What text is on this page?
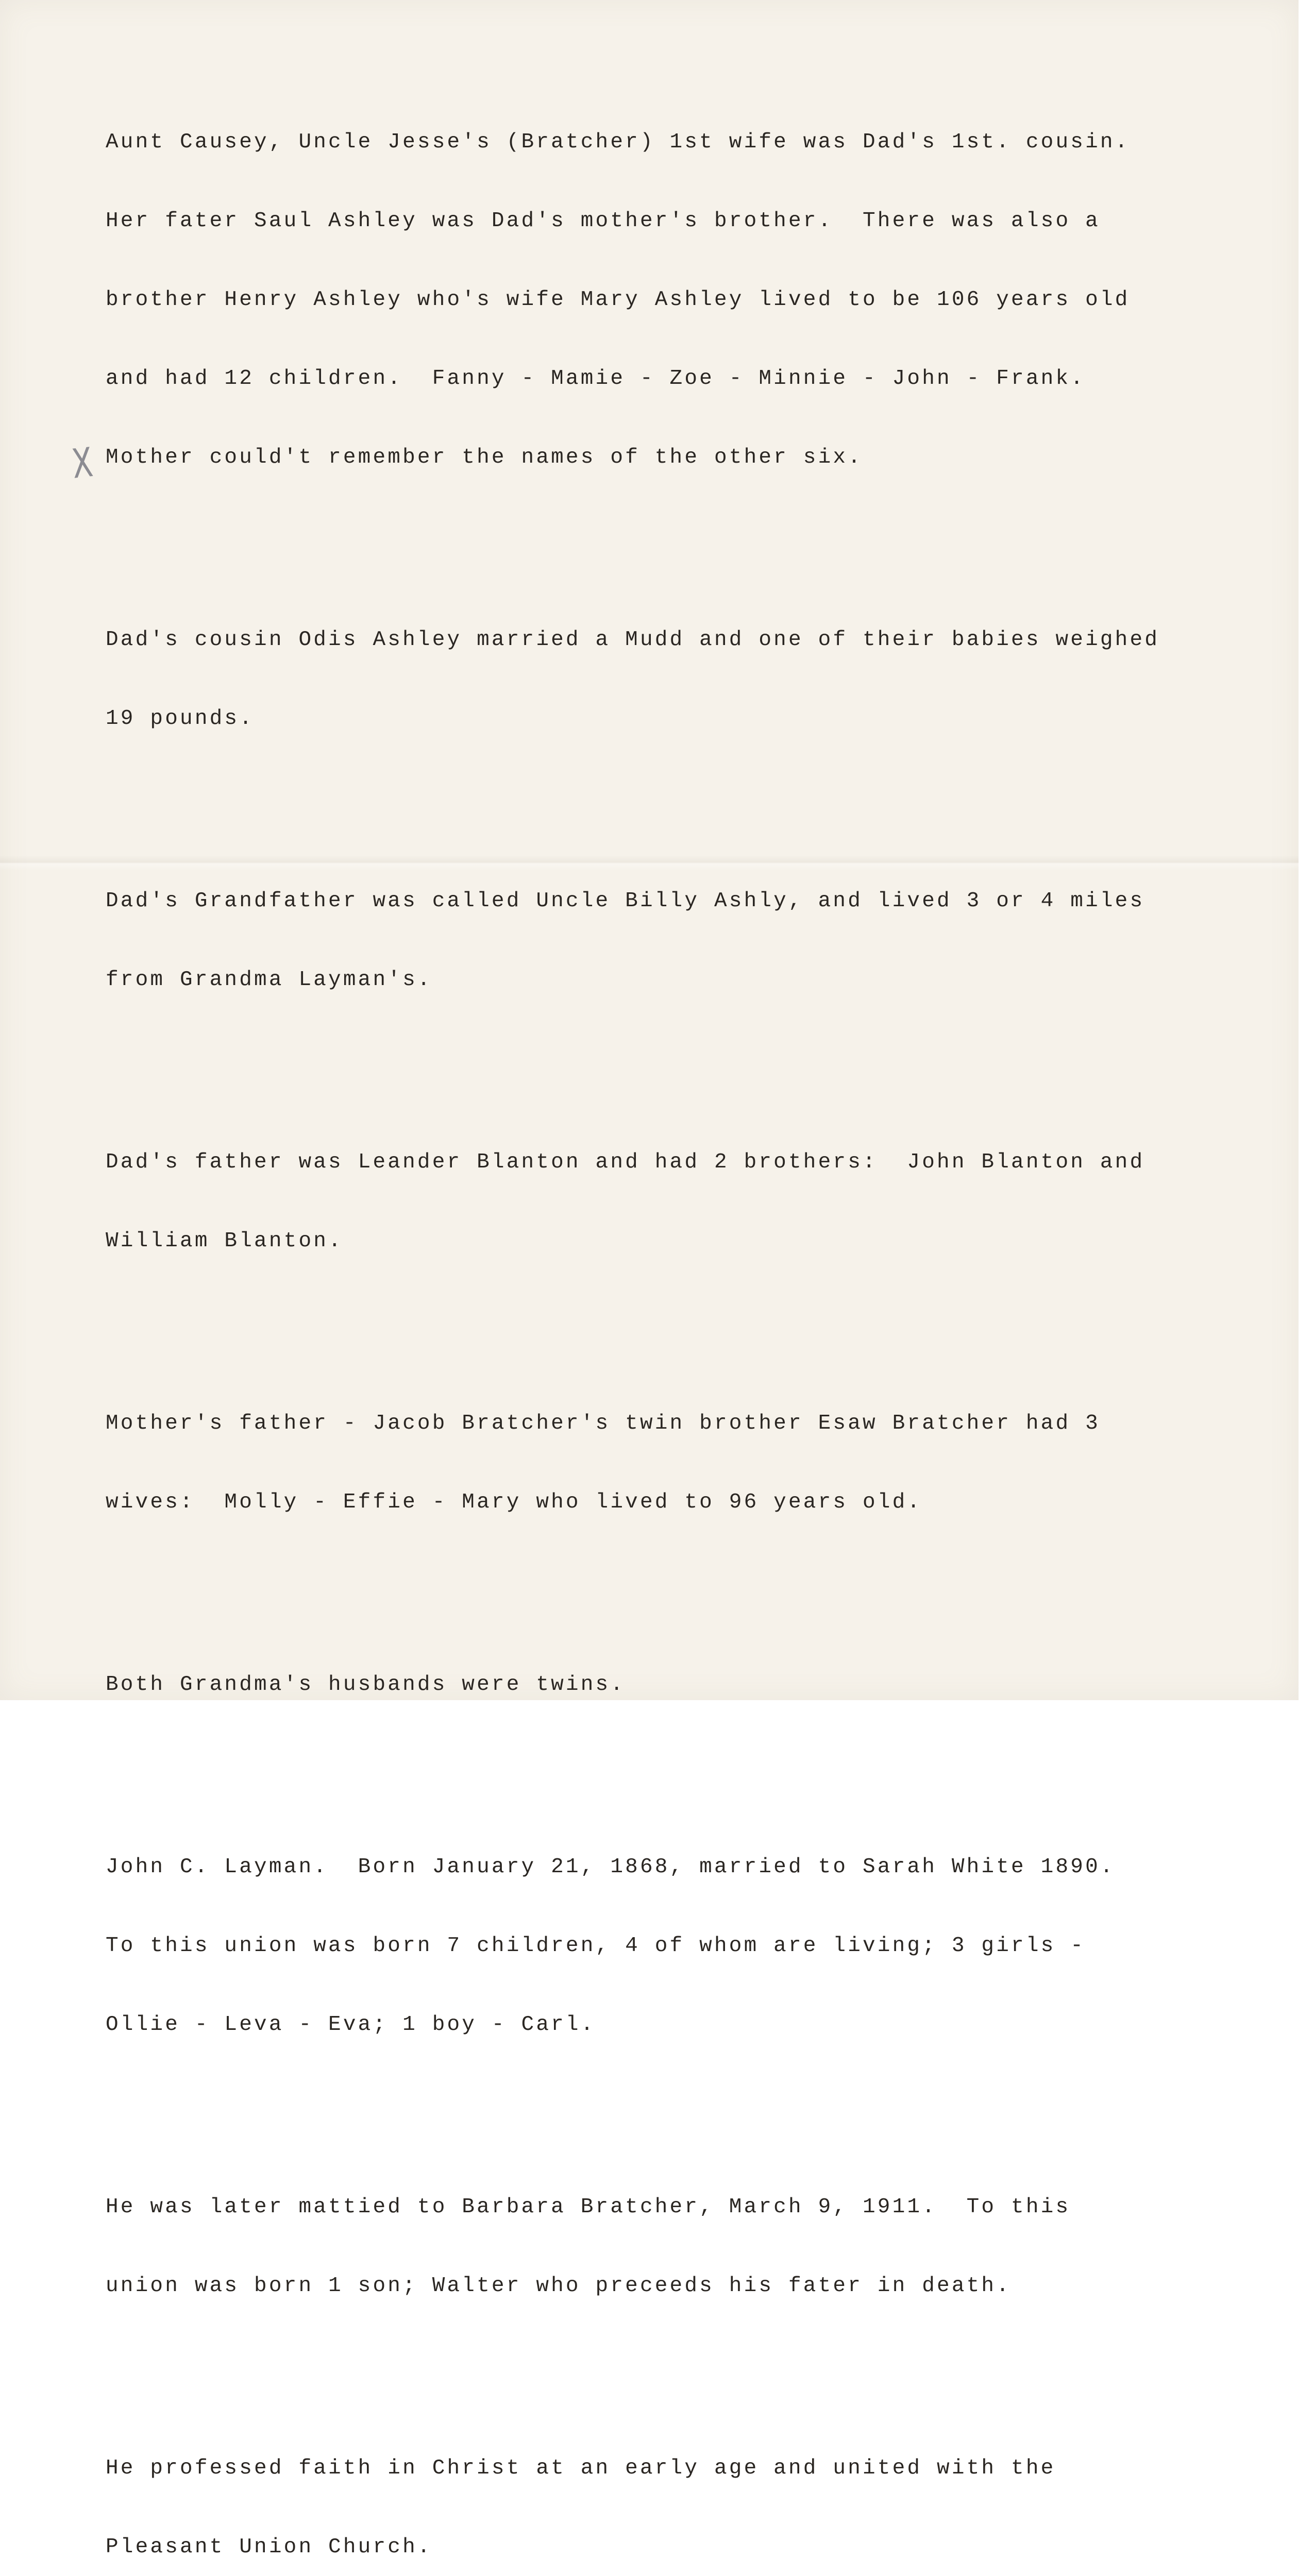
X

Aunt Causey, Uncle Jesse's (Bratcher) 1st wife was Dad's 1st. cousin.

Her fater Saul Ashley was Dad's mother's brother.  There was also a

brother Henry Ashley who's wife Mary Ashley lived to be 106 years old

and had 12 children.  Fanny - Mamie - Zoe - Minnie - John - Frank.

Mother could't remember the names of the other six.

Dad's cousin Odis Ashley married a Mudd and one of their babies weighed

19 pounds.

Dad's Grandfather was called Uncle Billy Ashly, and lived 3 or 4 miles

from Grandma Layman's.

Dad's father was Leander Blanton and had 2 brothers:  John Blanton and

William Blanton.

Mother's father - Jacob Bratcher's twin brother Esaw Bratcher had 3

wives:  Molly - Effie - Mary who lived to 96 years old.

Both Grandma's husbands were twins.

John C. Layman.  Born January 21, 1868, married to Sarah White 1890.

To this union was born 7 children, 4 of whom are living; 3 girls -

Ollie - Leva - Eva; 1 boy - Carl.

He was later mattied to Barbara Bratcher, March 9, 1911.  To this

union was born 1 son; Walter who preceeds his fater in death.

He professed faith in Christ at an early age and united with the

Pleasant Union Church.
